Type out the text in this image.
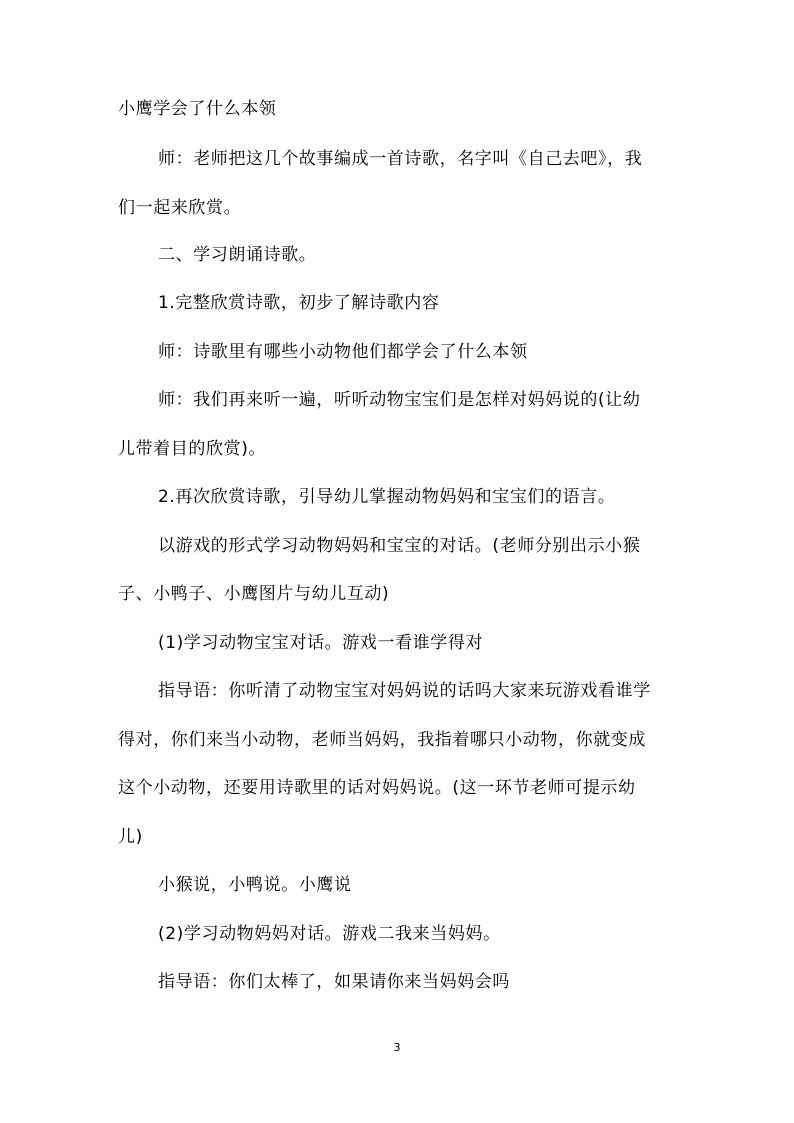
小鹰学会了什么本领
师：老师把这几个故事编成一首诗歌，名字叫《自己去吧》，我
们一起来欣赏。
二、学习朗诵诗歌。
1.完整欣赏诗歌，初步了解诗歌内容
师：诗歌里有哪些小动物他们都学会了什么本领
师：我们再来听一遍，听听动物宝宝们是怎样对妈妈说的(让幼
儿带着目的欣赏)。
2.再次欣赏诗歌，引导幼儿掌握动物妈妈和宝宝们的语言。
以游戏的形式学习动物妈妈和宝宝的对话。(老师分别出示小猴
子、小鸭子、小鹰图片与幼儿互动)
(1)学习动物宝宝对话。游戏一看谁学得对
指导语：你听清了动物宝宝对妈妈说的话吗大家来玩游戏看谁学
得对，你们来当小动物，老师当妈妈，我指着哪只小动物，你就变成
这个小动物，还要用诗歌里的话对妈妈说。(这一环节老师可提示幼
儿)
小猴说，小鸭说。小鹰说
(2)学习动物妈妈对话。游戏二我来当妈妈。
指导语：你们太棒了，如果请你来当妈妈会吗
3
